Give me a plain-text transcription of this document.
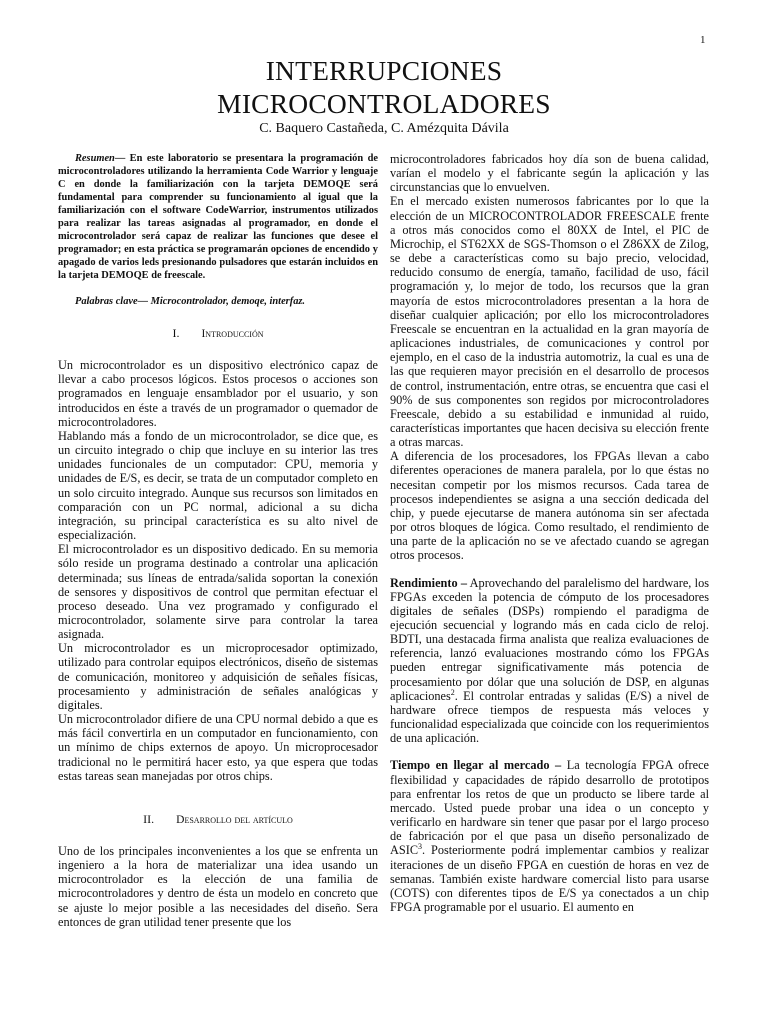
1
INTERRUPCIONES
MICROCONTROLADORES
C. Baquero Castañeda, C. Amézquita Dávila

Resumen— En este laboratorio se presentara la programación de microcontroladores utilizando la herramienta Code Warrior y lenguaje C en donde la familiarización con la tarjeta DEMOQE será fundamental para comprender su funcionamiento al igual que la familiarización con el software CodeWarrior, instrumentos utilizados para realizar las tareas asignadas al programador, en donde el microcontrolador será capaz de realizar las funciones que desee el programador; en esta práctica se programarán opciones de encendido y apagado de varios leds presionando pulsadores que estarán incluidos en la tarjeta DEMOQE de freescale.

Palabras clave— Microcontrolador, demoqe, interfaz.

I. Introducción

Un microcontrolador es un dispositivo electrónico capaz de llevar a cabo procesos lógicos. Estos procesos o acciones son programados en lenguaje ensamblador por el usuario, y son introducidos en éste a través de un programador o quemador de microcontroladores.

Hablando más a fondo de un microcontrolador, se dice que, es un circuito integrado o chip que incluye en su interior las tres unidades funcionales de un computador: CPU, memoria y unidades de E/S, es decir, se trata de un computador completo en un solo circuito integrado. Aunque sus recursos son limitados en comparación con un PC normal, adicional a su dicha integración, su principal característica es su alto nivel de especialización.

El microcontrolador es un dispositivo dedicado. En su memoria sólo reside un programa destinado a controlar una aplicación determinada; sus líneas de entrada/salida soportan la conexión de sensores y dispositivos de control que permitan efectuar el proceso deseado. Una vez programado y configurado el microcontrolador, solamente sirve para controlar la tarea asignada.

Un microcontrolador es un microprocesador optimizado, utilizado para controlar equipos electrónicos, diseño de sistemas de comunicación, monitoreo y adquisición de señales físicas, procesamiento y administración de señales analógicas y digitales.

Un microcontrolador difiere de una CPU normal debido a que es más fácil convertirla en un computador en funcionamiento, con un mínimo de chips externos de apoyo. Un microprocesador tradicional no le permitirá hacer esto, ya que espera que todas estas tareas sean manejadas por otros chips.

II. Desarrollo del artículo

Uno de los principales inconvenientes a los que se enfrenta un ingeniero a la hora de materializar una idea usando un microcontrolador es la elección de una familia de microcontroladores y dentro de ésta un modelo en concreto que se ajuste lo mejor posible a las necesidades del diseño. Sera entonces de gran utilidad tener presente que los

microcontroladores fabricados hoy día son de buena calidad, varían el modelo y el fabricante según la aplicación y las circunstancias que lo envuelven.

En el mercado existen numerosos fabricantes por lo que la elección de un MICROCONTROLADOR FREESCALE frente a otros más conocidos como el 80XX de Intel, el PIC de Microchip, el ST62XX de SGS-Thomson o el Z86XX de Zilog, se debe a características como su bajo precio, velocidad, reducido consumo de energía, tamaño, facilidad de uso, fácil programación y, lo mejor de todo, los recursos que la gran mayoría de estos microcontroladores presentan a la hora de diseñar cualquier aplicación; por ello los microcontroladores Freescale se encuentran en la actualidad en la gran mayoría de aplicaciones industriales, de comunicaciones y control por ejemplo, en el caso de la industria automotriz, la cual es una de las que requieren mayor precisión en el desarrollo de procesos de control, instrumentación, entre otras, se encuentra que casi el 90% de sus componentes son regidos por microcontroladores Freescale, debido a su estabilidad e inmunidad al ruido, características importantes que hacen decisiva su elección frente a otras marcas.

A diferencia de los procesadores, los FPGAs llevan a cabo diferentes operaciones de manera paralela, por lo que éstas no necesitan competir por los mismos recursos. Cada tarea de procesos independientes se asigna a una sección dedicada del chip, y puede ejecutarse de manera autónoma sin ser afectada por otros bloques de lógica. Como resultado, el rendimiento de una parte de la aplicación no se ve afectado cuando se agregan otros procesos.

Rendimiento – Aprovechando del paralelismo del hardware, los FPGAs exceden la potencia de cómputo de los procesadores digitales de señales (DSPs) rompiendo el paradigma de ejecución secuencial y logrando más en cada ciclo de reloj. BDTI, una destacada firma analista que realiza evaluaciones de referencia, lanzó evaluaciones mostrando cómo los FPGAs pueden entregar significativamente más potencia de procesamiento por dólar que una solución de DSP, en algunas aplicaciones$^2$. El controlar entradas y salidas (E/S) a nivel de hardware ofrece tiempos de respuesta más veloces y funcionalidad especializada que coincide con los requerimientos de una aplicación.

Tiempo en llegar al mercado – La tecnología FPGA ofrece flexibilidad y capacidades de rápido desarrollo de prototipos para enfrentar los retos de que un producto se libere tarde al mercado. Usted puede probar una idea o un concepto y verificarlo en hardware sin tener que pasar por el largo proceso de fabricación por el que pasa un diseño personalizado de ASIC$^3$. Posteriormente podrá implementar cambios y realizar iteraciones de un diseño FPGA en cuestión de horas en vez de semanas. También existe hardware comercial listo para usarse (COTS) con diferentes tipos de E/S ya conectados a un chip FPGA programable por el usuario. El aumento en
